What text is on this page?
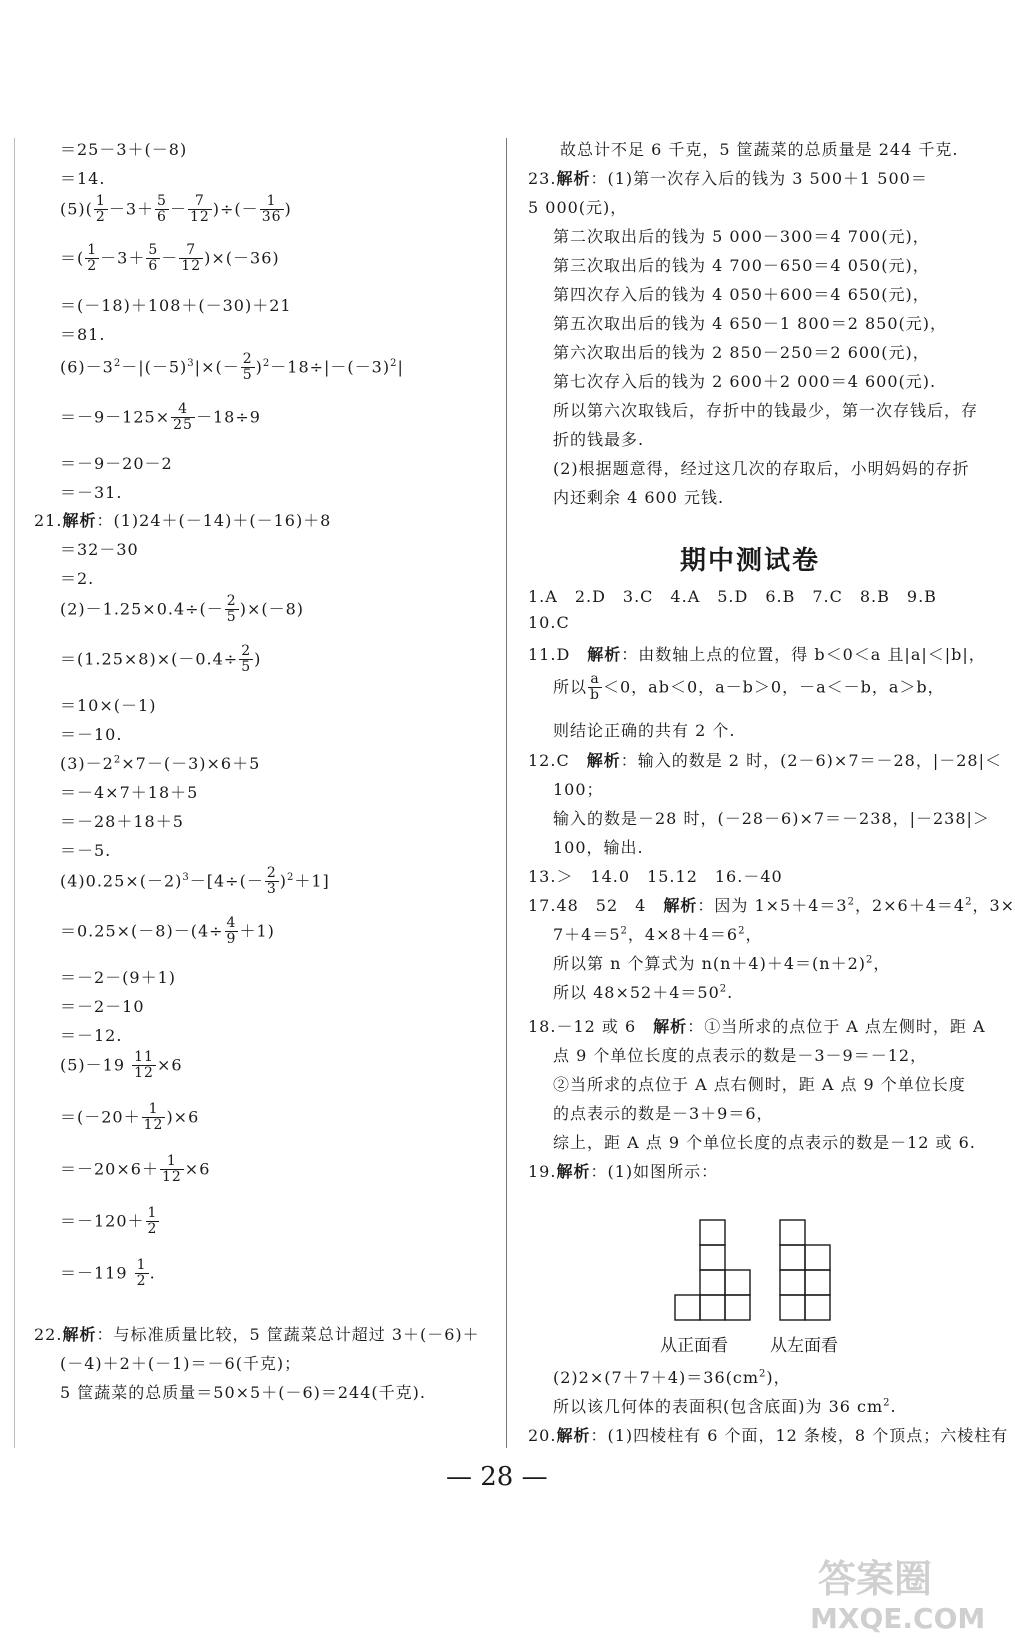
＝25－3＋(－8)
＝14.
$(5)( \frac{1}{2} -3+ \frac{5}{6} - \frac{7}{12}$ )÷(－ $\frac{1}{36}$ )
＝( $\frac{1}{2} -3+ \frac{5}{6} - \frac{7}{12} )\times(-36)$
＝(－18)＋108＋(－30)＋21
＝81.
$(6)-3^2-|(-5)^3|\times(- \frac{2}{5} )^2-18\div|-(-3)^2|$
$=-9-125\times \frac{4}{25} -18\div 9$
＝－9－20－2
＝－31.
21.解析：(1)24＋(－14)＋(－16)＋8
＝32－30
＝2.
$(2)-1.25\times 0.4\div(- \frac{2}{5} )\times(-8)$
$=(1.25\times 8)\times(-0.4\div \frac{2}{5}$ )
＝10×(－1)
＝－10.
$(3)-2^2\times 7-(-3)\times 6+5$
＝－4×7＋18＋5
＝－28＋18＋5
＝－5.
$(4)0.25\times(-2)^3-[4\div(- \frac{2}{3} )^2+1]$
$=0.25\times(-8)-(4\div \frac{4}{9} +1)$
＝－2－(9＋1)
＝－2－10
＝－12.
$(5)-19 \frac{11}{12} \times 6$
$=(-20+ \frac{1}{12} )\times 6$
$=-20\times 6+ \frac{1}{12} \times 6$
$=-120+ \frac{1}{2}$
$=-119 \frac{1}{2}$ .
22.解析：与标准质量比较，5 筐蔬菜总计超过 3＋(－6)＋
(－4)＋2＋(－1)＝－6(千克)；
5 筐蔬菜的总质量＝50×5＋(－6)＝244(千克).
故总计不足 6 千克，5 筐蔬菜的总质量是 244 千克.
23.解析：(1)第一次存入后的钱为 3 500＋1 500＝
5 000(元)，
第二次取出后的钱为 5 000－300＝4 700(元)，
第三次取出后的钱为 4 700－650＝4 050(元)，
第四次存入后的钱为 4 050＋600＝4 650(元)，
第五次取出后的钱为 4 650－1 800＝2 850(元)，
第六次取出后的钱为 2 850－250＝2 600(元)，
第七次存入后的钱为 2 600＋2 000＝4 600(元).
所以第六次取钱后，存折中的钱最少，第一次存钱后，存
折的钱最多.
(2)根据题意得，经过这几次的存取后，小明妈妈的存折
内还剩余 4 600 元钱.
期中测试卷
1.A　2.D　3.C　4.A　5.D　6.B　7.C　8.B　9.B
10.C
11.D　解析：由数轴上点的位置，得 b＜0＜a 且|a|＜|b|，
所以 $\frac{a}{b} <0$，ab＜0，a－b＞0，－a＜－b，a＞b，
则结论正确的共有 2 个.
12.C　解析：输入的数是 2 时，(2－6)×7＝－28，|－28|＜
100；
输入的数是－28 时，(－28－6)×7＝－238，|－238|＞
100，输出.
13.＞　14.0　15.12　16.－40
17.48　52　4　解析：因为 $1\times 5+4=3^2$，$2\times 6+4=4^2$，3×
$7+4=5^2$，$4\times 8+4=6^2$，
所以第 n 个算式为 $n(n+4)+4=(n+2)^2$，
所以 $48\times 52+4=50^2$.
18.－12 或 6　解析：①当所求的点位于 A 点左侧时，距 A
点 9 个单位长度的点表示的数是－3－9＝－12，
②当所求的点位于 A 点右侧时，距 A 点 9 个单位长度
的点表示的数是－3＋9＝6，
综上，距 A 点 9 个单位长度的点表示的数是－12 或 6.
19.解析：(1)如图所示：
从正面看 从左面看
$(2)2\times(7+7+4)=36(cm^2)$，
所以该几何体的表面积(包含底面)为 36 $cm^2$.
20.解析：(1)四棱柱有 6 个面，12 条棱，8 个顶点；六棱柱有
— 28 —
答案圈
MXQE.COM
